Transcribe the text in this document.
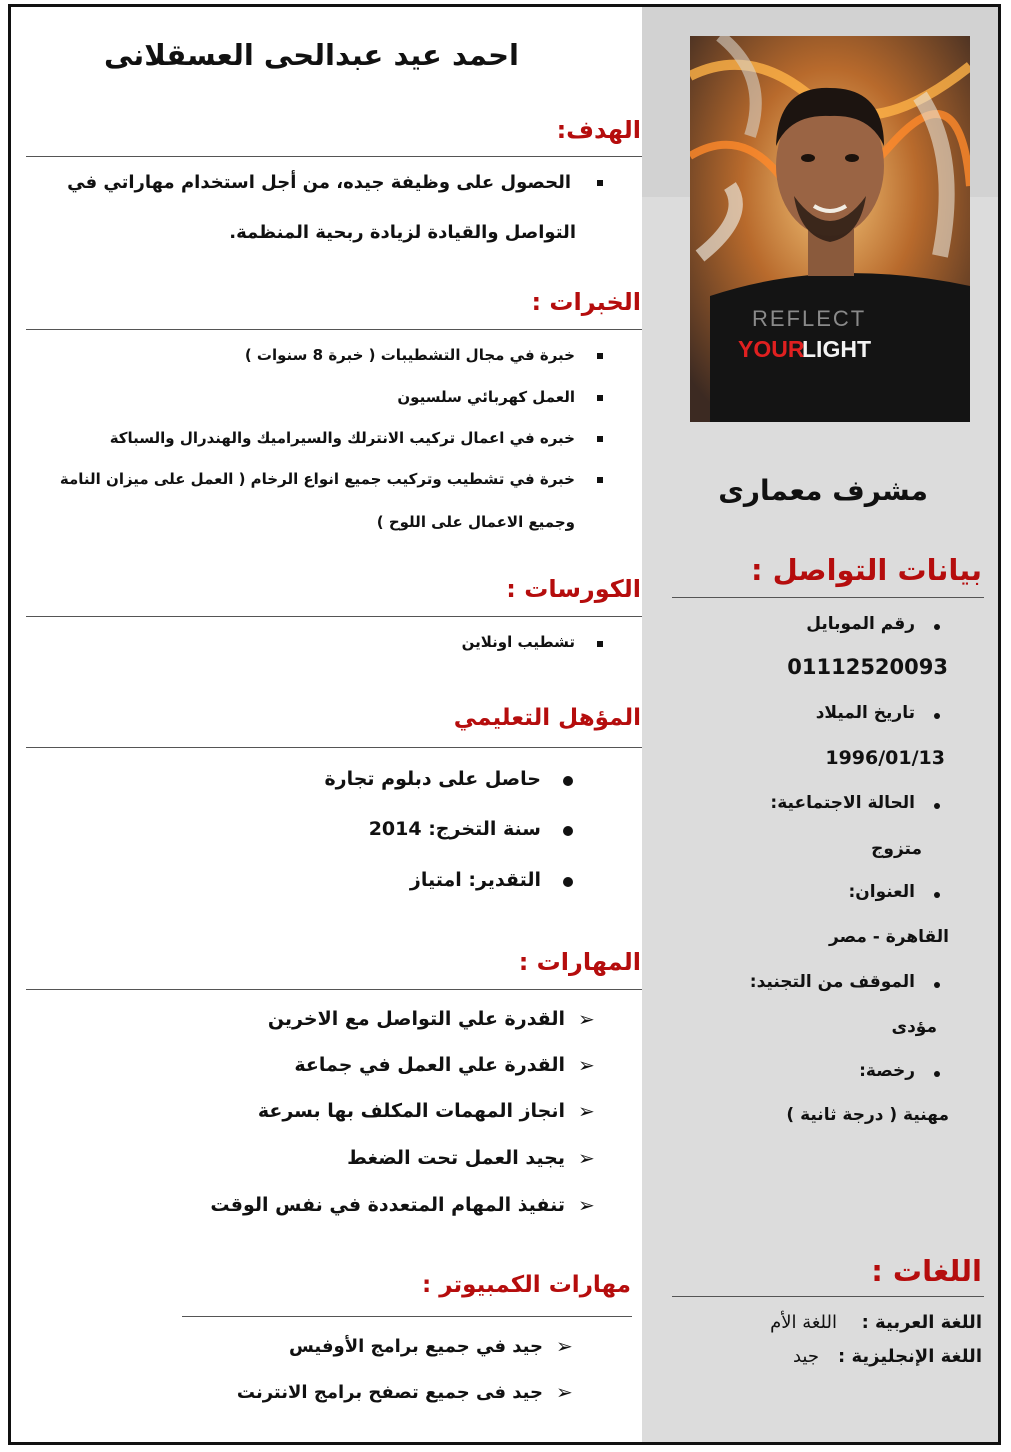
REFLECT
YOUR
LIGHT
احمد عيد عبدالحى العسقلانى
الهدف:
الحصول على وظيفة جيده، من أجل استخدام مهاراتي في
التواصل والقيادة لزيادة ربحية المنظمة.
الخبرات :
خبرة في مجال التشطيبات ( خبرة 8 سنوات )
العمل كهربائي سلسيون
خبره في اعمال تركيب الانترلك والسيراميك والهندرال والسباكة
خبرة في تشطيب وتركيب جميع انواع الرخام ( العمل على ميزان النامة
وجميع الاعمال على اللوح )
الكورسات :
تشطيب اونلاين
المؤهل التعليمي
حاصل على دبلوم تجارة
سنة التخرج: 2014
التقدير: امتياز
المهارات :
➢
القدرة علي التواصل مع الاخرين
➢
القدرة علي العمل في جماعة
➢
انجاز المهمات المكلف بها بسرعة
➢
يجيد العمل تحت الضغط
➢
تنفيذ المهام المتعددة في نفس الوقت
مهارات الكمبيوتر :
➢
جيد في جميع برامج الأوفيس
➢
جيد فى جميع تصفح برامج الانترنت
مشرف معمارى
بيانات التواصل :
رقم الموبايل
01112520093
تاريخ الميلاد
1996/01/13
الحالة الاجتماعية:
متزوج
العنوان:
القاهرة - مصر
الموقف من التجنيد:
مؤدى
رخصة:
مهنية ( درجة ثانية )
اللغات :
اللغة العربية :
اللغة الأم
اللغة الإنجليزية :
جيد
